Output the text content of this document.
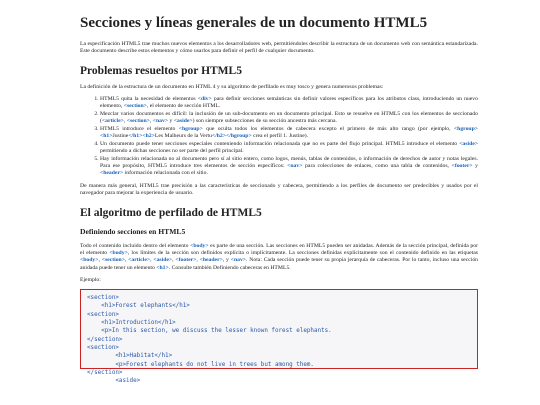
Secciones y líneas generales de un documento HTML5

La especificación HTML5 trae muchos nuevos elementos a los desarrolladores web, permitiéndoles describir la estructura de un documento web con semántica estandarizada. Este documento describe estos elementos y cómo usarlos para definir el perfil de cualquier documento.

Problemas resueltos por HTML5

La definición de la estructura de un documento en HTML 4 y su algoritmo de perfilado es muy tosco y genera numerosos problemas:

1. HTML5 quita la necesidad de elementos <div> para definir secciones semánticas sin definir valores específicos para los atributos class, introduciendo un nuevo elemento, <section>, el elemento de sección HTML.
2. Mezclar varios documentos es difícil: la inclusión de un sub-documento en un documento principal. Esto se resuelve en HTML5 con los elementos de seccionado (<article>, <section>, <nav> y <aside>) son siempre subsecciones de su sección ancestra más cercana.
3. HTML5 introduce el elemento <hgroup> que oculta todos los elementos de cabecera excepto el primero de más alto rango (por ejemplo, <hgroup><h1>Justine</h1><h2>Les Malheurs de la Vertu</h2></hgroup> crea el perfil 1. Justine).
4. Un documento puede tener secciones especiales conteniendo información relacionada que no es parte del flujo principal. HTML5 introduce el elemento <aside> permitiendo a dichas secciones no ser parte del perfil principal.
5. Hay información relacionada no al documento pero sí al sitio entero, como logos, menús, tablas de contenidos, o información de derechos de autor y notas legales. Para ese propósito, HTML5 introduce tres elementos de sección específicos: <nav> para colecciones de enlaces, como una tabla de contenidos, <footer> y <header> información relacionada con el sitio.

De manera más general, HTML5 trae precisión a las características de seccionado y cabecera, permitiendo a los perfiles de documento ser predecibles y usados por el navegador para mejorar la experiencia de usuario.

El algoritmo de perfilado de HTML5
Definiendo secciones en HTML5

Todo el contenido incluido dentro del elemento <body> es parte de una sección. Las secciones en HTML5 pueden ser anidadas. Además de la sección principal, definida por el elemento <body>, los límites de la sección son definidos explícita o implícitamente. La secciones definidas explícitamente son el contenido definido en las etiquetas <body>, <section>, <article>, <aside>, <footer>, <header>, y <nav>. Nota: Cada sección puede tener su propia jerarquía de cabeceras. Por lo tanto, incluso una sección anidada puede tener un elemento <h1>. Consulte también Definiendo cabeceras en HTML5.

Ejemplo:

<section>
<h1>Forest elephants</h1>
<section>
<h1>Introduction</h1>
<p>In this section, we discuss the lesser known forest elephants.
</section>
<section>
<h1>Habitat</h1>
<p>Forest elephants do not live in trees but among them.
</section>
<aside>
